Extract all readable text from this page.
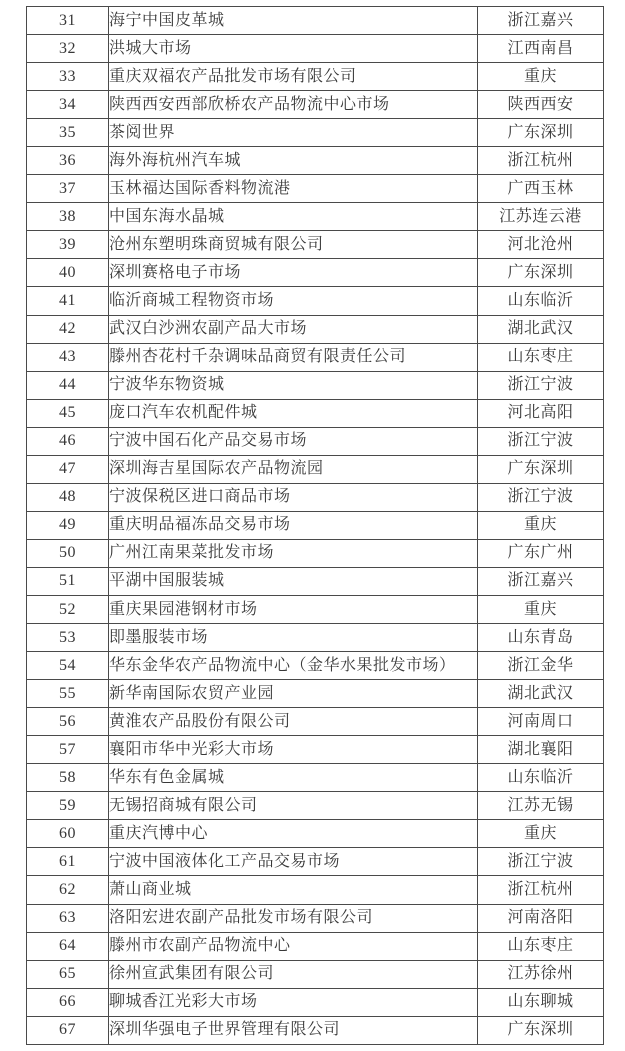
31	海宁中国皮革城	浙江嘉兴
32	洪城大市场	江西南昌
33	重庆双福农产品批发市场有限公司	重庆
34	陕西西安西部欣桥农产品物流中心市场	陕西西安
35	茶阅世界	广东深圳
36	海外海杭州汽车城	浙江杭州
37	玉林福达国际香料物流港	广西玉林
38	中国东海水晶城	江苏连云港
39	沧州东塑明珠商贸城有限公司	河北沧州
40	深圳赛格电子市场	广东深圳
41	临沂商城工程物资市场	山东临沂
42	武汉白沙洲农副产品大市场	湖北武汉
43	滕州杏花村千杂调味品商贸有限责任公司	山东枣庄
44	宁波华东物资城	浙江宁波
45	庞口汽车农机配件城	河北高阳
46	宁波中国石化产品交易市场	浙江宁波
47	深圳海吉星国际农产品物流园	广东深圳
48	宁波保税区进口商品市场	浙江宁波
49	重庆明品福冻品交易市场	重庆
50	广州江南果菜批发市场	广东广州
51	平湖中国服装城	浙江嘉兴
52	重庆果园港钢材市场	重庆
53	即墨服装市场	山东青岛
54	华东金华农产品物流中心（金华水果批发市场）	浙江金华
55	新华南国际农贸产业园	湖北武汉
56	黄淮农产品股份有限公司	河南周口
57	襄阳市华中光彩大市场	湖北襄阳
58	华东有色金属城	山东临沂
59	无锡招商城有限公司	江苏无锡
60	重庆汽博中心	重庆
61	宁波中国液体化工产品交易市场	浙江宁波
62	萧山商业城	浙江杭州
63	洛阳宏进农副产品批发市场有限公司	河南洛阳
64	滕州市农副产品物流中心	山东枣庄
65	徐州宣武集团有限公司	江苏徐州
66	聊城香江光彩大市场	山东聊城
67	深圳华强电子世界管理有限公司	广东深圳
